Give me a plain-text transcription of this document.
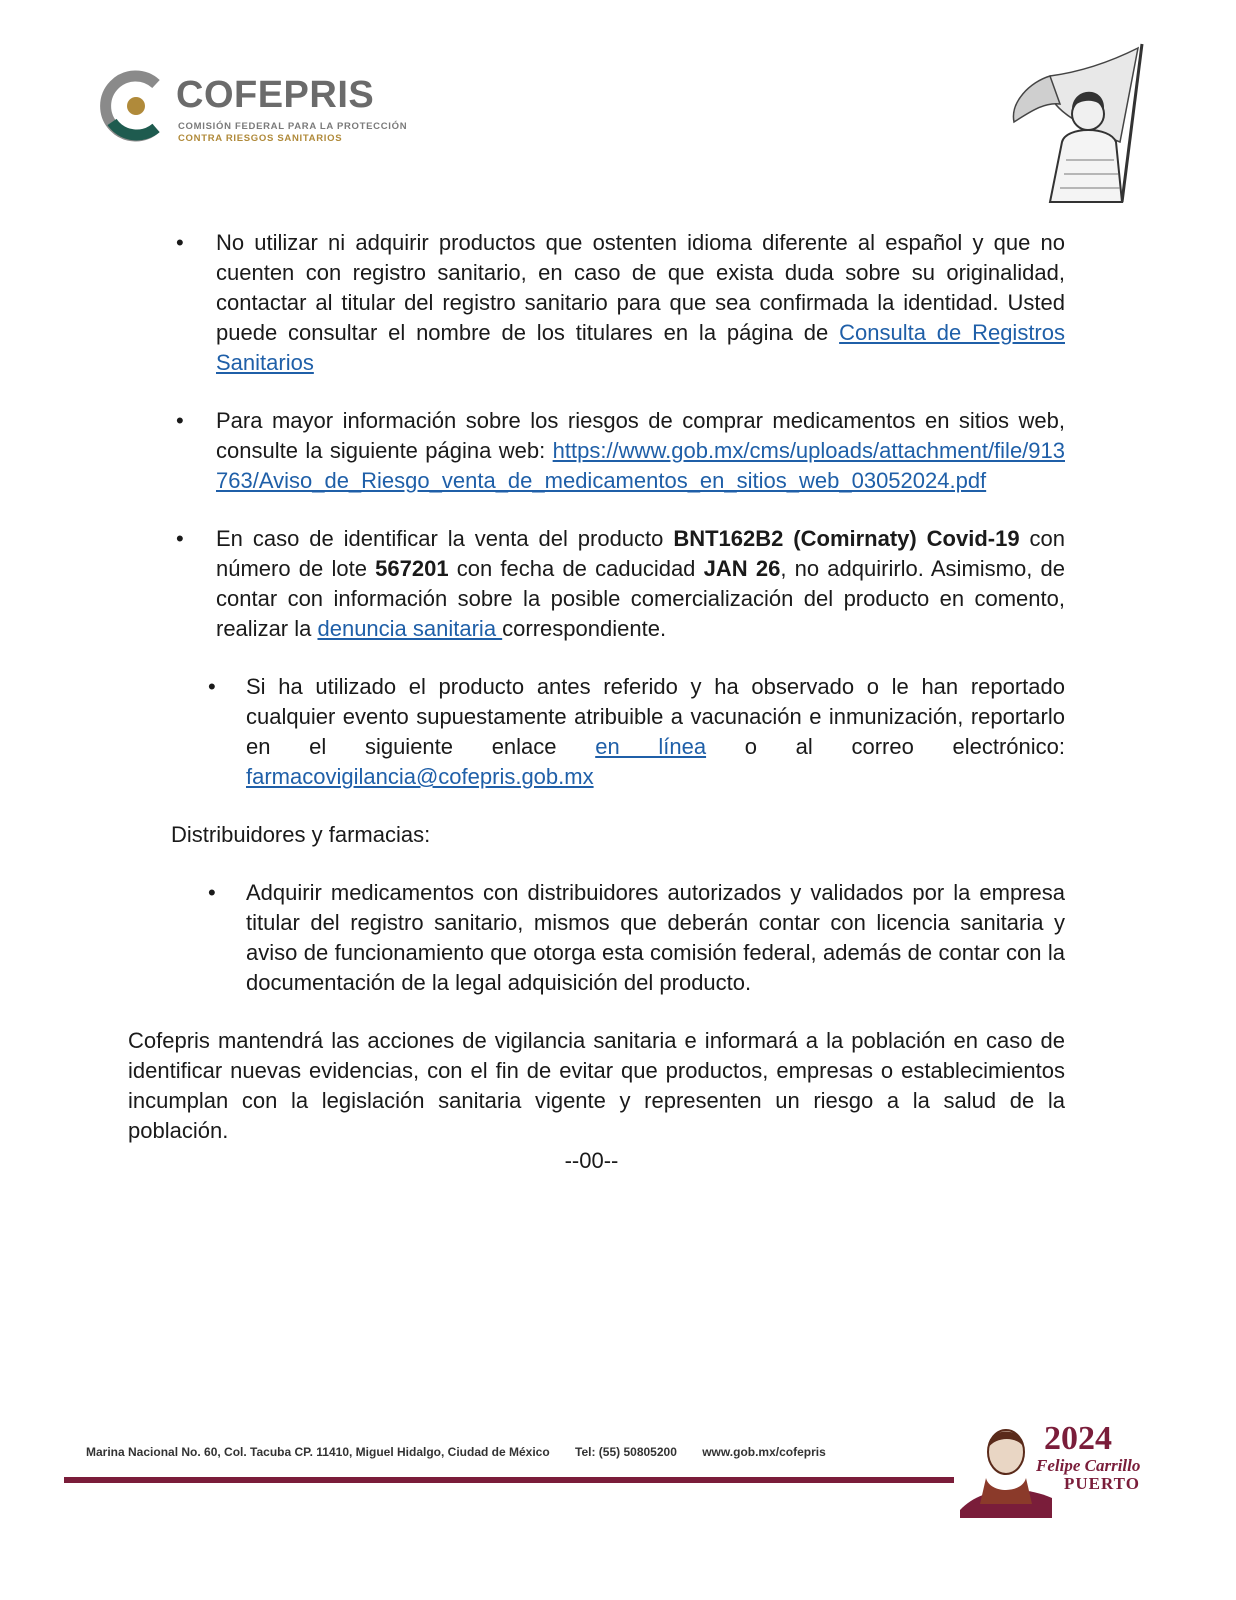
COFEPRIS
COMISIÓN FEDERAL PARA LA PROTECCIÓN
CONTRA RIESGOS SANITARIOS
• No utilizar ni adquirir productos que ostenten idioma diferente al español y que no cuenten con registro sanitario, en caso de que exista duda sobre su originalidad, contactar al titular del registro sanitario para que sea confirmada la identidad. Usted puede consultar el nombre de los titulares en la página de Consulta de Registros Sanitarios
• Para mayor información sobre los riesgos de comprar medicamentos en sitios web, consulte la siguiente página web: https://www.gob.mx/cms/uploads/attachment/file/913763/Aviso_de_Riesgo_venta_de_medicamentos_en_sitios_web_03052024.pdf
• En caso de identificar la venta del producto BNT162B2 (Comirnaty) Covid-19 con número de lote 567201 con fecha de caducidad JAN 26, no adquirirlo. Asimismo, de contar con información sobre la posible comercialización del producto en comento, realizar la denuncia sanitaria correspondiente.
• Si ha utilizado el producto antes referido y ha observado o le han reportado cualquier evento supuestamente atribuible a vacunación e inmunización, reportarlo en el siguiente enlace en línea o al correo electrónico: farmacovigilancia@cofepris.gob.mx
Distribuidores y farmacias:
• Adquirir medicamentos con distribuidores autorizados y validados por la empresa titular del registro sanitario, mismos que deberán contar con licencia sanitaria y aviso de funcionamiento que otorga esta comisión federal, además de contar con la documentación de la legal adquisición del producto.
Cofepris mantendrá las acciones de vigilancia sanitaria e informará a la población en caso de identificar nuevas evidencias, con el fin de evitar que productos, empresas o establecimientos incumplan con la legislación sanitaria vigente y representen un riesgo a la salud de la población.
--00--
Marina Nacional No. 60, Col. Tacuba CP. 11410, Miguel Hidalgo, Ciudad de México Tel: (55) 50805200 www.gob.mx/cofepris	2024
Felipe Carrillo
PUERTO
